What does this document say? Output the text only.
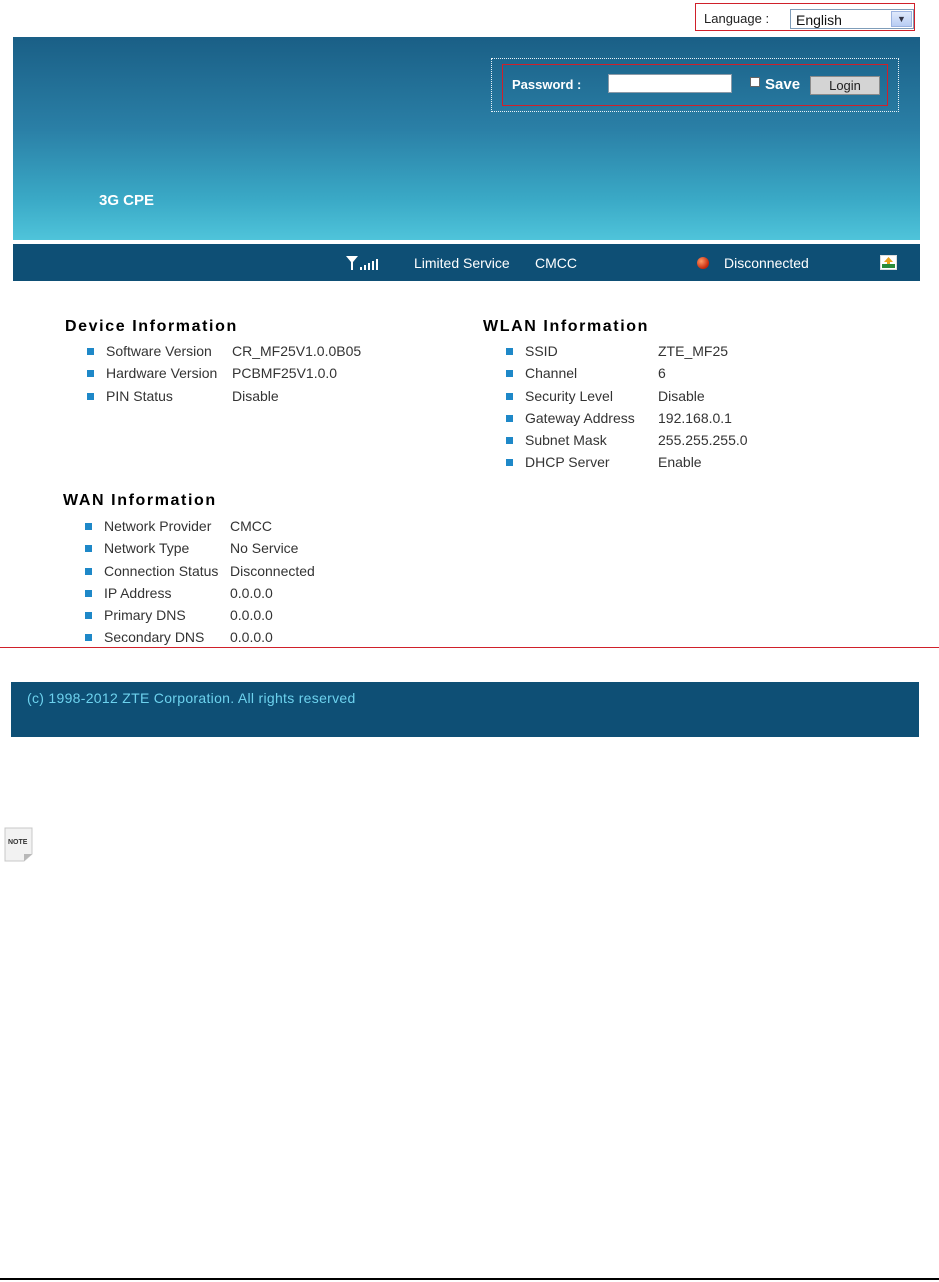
Language : English	▼
Password :	Save	Login
3G CPE
Limited Service CMCC	Disconnected
Device Information
Software Version CR_MF25V1.0.0B05
Hardware Version PCBMF25V1.0.0
PIN Status	Disable
WLAN Information
SSID	ZTE_MF25
Channel	6
Security Level	Disable
Gateway Address 192.168.0.1
Subnet Mask	255.255.255.0
DHCP Server	Enable
WAN Information
Network Provider CMCC
Network Type	No Service
Connection Status Disconnected
IP Address	0.0.0.0
Primary DNS	0.0.0.0
Secondary DNS 0.0.0.0
(c) 1998-2012 ZTE Corporation. All rights reserved
NOTE
